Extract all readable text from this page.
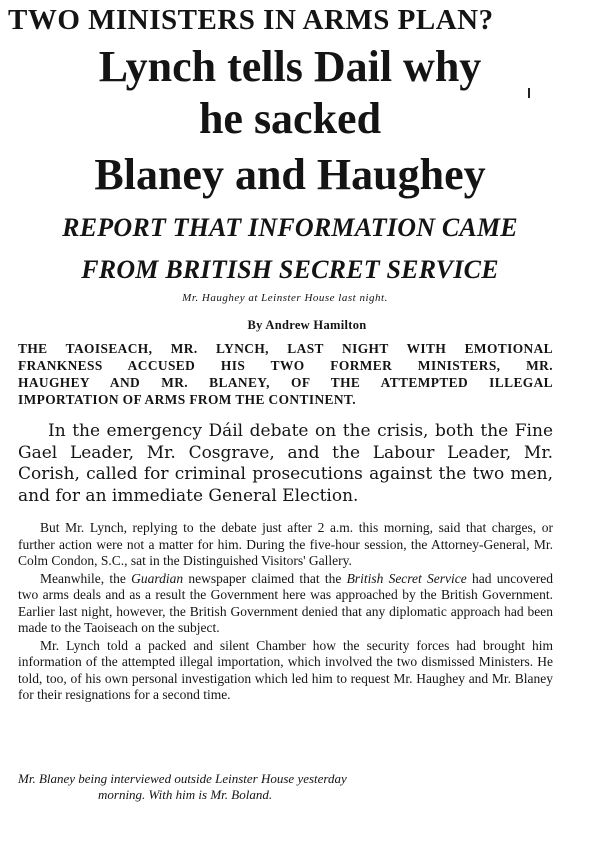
TWO MINISTERS IN ARMS PLAN?
Lynch tells Dail why
he sacked
Blaney and Haughey
REPORT THAT INFORMATION CAME
FROM BRITISH SECRET SERVICE
Mr. Haughey at Leinster House last night.
By Andrew Hamilton

THE TAOISEACH, MR. LYNCH, LAST NIGHT WITH EMOTIONAL

FRANKNESS ACCUSED HIS TWO FORMER MINISTERS, MR.

HAUGHEY AND MR. BLANEY, OF THE ATTEMPTED ILLEGAL

IMPORTATION OF ARMS FROM THE CONTINENT.

In the emergency Dáil debate on the crisis, both the Fine Gael Leader, Mr. Cosgrave, and the Labour Leader, Mr. Corish, called for criminal prosecutions against the two men, and for an immediate General Election.

But Mr. Lynch, replying to the debate just after 2 a.m. this morning, said that charges, or further action were not a matter for him. During the five-hour session, the Attorney-General, Mr. Colm Condon, S.C., sat in the Distinguished Visitors' Gallery.

Meanwhile, the Guardian newspaper claimed that the British Secret Service had uncovered two arms deals and as a result the Government here was approached by the British Government. Earlier last night, however, the British Government denied that any diplomatic approach had been made to the Taoiseach on the subject.

Mr. Lynch told a packed and silent Chamber how the security forces had brought him information of the attempted illegal importation, which involved the two dismissed Ministers. He told, too, of his own personal investigation which led him to request Mr. Haughey and Mr. Blaney for their resignations for a second time.

Mr. Blaney being interviewed outside Leinster House yesterday
morning. With him is Mr. Boland.
